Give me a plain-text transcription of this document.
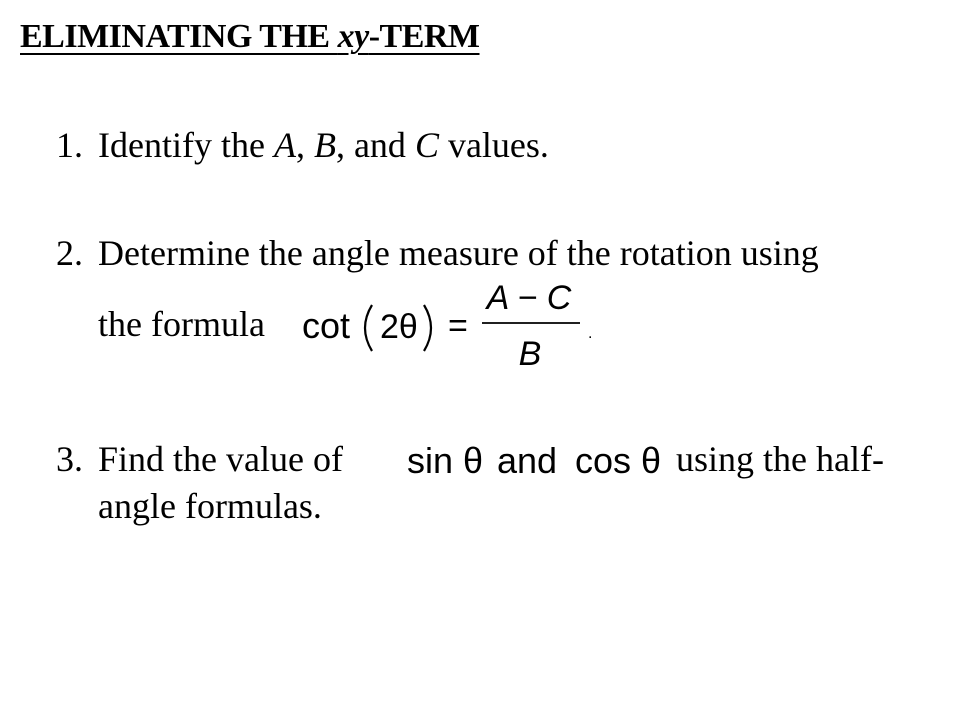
ELIMINATING THE xy-TERM
1. Identify the A, B, and C values.
2. Determine the angle measure of the rotation using
the formula cot 2θ =
A − C
B
.
3. Find the value of sin θ and cos θ using the half-
angle formulas.
